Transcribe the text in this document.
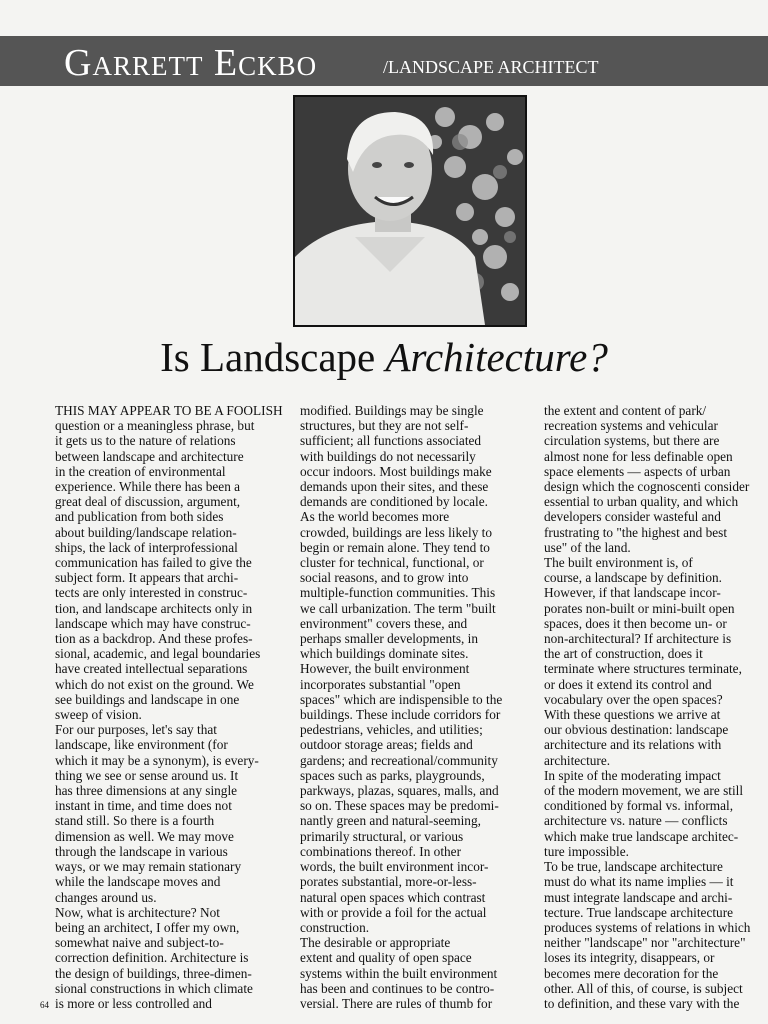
Garrett Eckbo	/LANDSCAPE ARCHITECT
Is Landscape Architecture?

THIS MAY APPEAR TO BE A FOOLISH
question or a meaningless phrase, but
it gets us to the nature of relations
between landscape and architecture
in the creation of environmental
experience. While there has been a
great deal of discussion, argument,
and publication from both sides
about building/landscape relation-
ships, the lack of interprofessional
communication has failed to give the
subject form. It appears that archi-
tects are only interested in construc-
tion, and landscape architects only in
landscape which may have construc-
tion as a backdrop. And these profes-
sional, academic, and legal boundaries
have created intellectual separations
which do not exist on the ground. We
see buildings and landscape in one
sweep of vision.

For our purposes, let's say that
landscape, like environment (for
which it may be a synonym), is every-
thing we see or sense around us. It
has three dimensions at any single
instant in time, and time does not
stand still. So there is a fourth
dimension as well. We may move
through the landscape in various
ways, or we may remain stationary
while the landscape moves and
changes around us.

Now, what is architecture? Not
being an architect, I offer my own,
somewhat naive and subject-to-
correction definition. Architecture is
the design of buildings, three-dimen-
sional constructions in which climate
is more or less controlled and

modified. Buildings may be single
structures, but they are not self-
sufficient; all functions associated
with buildings do not necessarily
occur indoors. Most buildings make
demands upon their sites, and these
demands are conditioned by locale.

As the world becomes more
crowded, buildings are less likely to
begin or remain alone. They tend to
cluster for technical, functional, or
social reasons, and to grow into
multiple-function communities. This
we call urbanization. The term "built
environment" covers these, and
perhaps smaller developments, in
which buildings dominate sites.
However, the built environment
incorporates substantial "open
spaces" which are indispensible to the
buildings. These include corridors for
pedestrians, vehicles, and utilities;
outdoor storage areas; fields and
gardens; and recreational/community
spaces such as parks, playgrounds,
parkways, plazas, squares, malls, and
so on. These spaces may be predomi-
nantly green and natural-seeming,
primarily structural, or various
combinations thereof. In other
words, the built environment incor-
porates substantial, more-or-less-
natural open spaces which contrast
with or provide a foil for the actual
construction.

The desirable or appropriate
extent and quality of open space
systems within the built environment
has been and continues to be contro-
versial. There are rules of thumb for

the extent and content of park/
recreation systems and vehicular
circulation systems, but there are
almost none for less definable open
space elements — aspects of urban
design which the cognoscenti consider
essential to urban quality, and which
developers consider wasteful and
frustrating to "the highest and best
use" of the land.

The built environment is, of
course, a landscape by definition.
However, if that landscape incor-
porates non-built or mini-built open
spaces, does it then become un- or
non-architectural? If architecture is
the art of construction, does it
terminate where structures terminate,
or does it extend its control and
vocabulary over the open spaces?

With these questions we arrive at
our obvious destination: landscape
architecture and its relations with
architecture.

In spite of the moderating impact
of the modern movement, we are still
conditioned by formal vs. informal,
architecture vs. nature — conflicts
which make true landscape architec-
ture impossible.

To be true, landscape architecture
must do what its name implies — it
must integrate landscape and archi-
tecture. True landscape architecture
produces systems of relations in which
neither "landscape" nor "architecture"
loses its integrity, disappears, or
becomes mere decoration for the
other. All of this, of course, is subject
to definition, and these vary with the

64
